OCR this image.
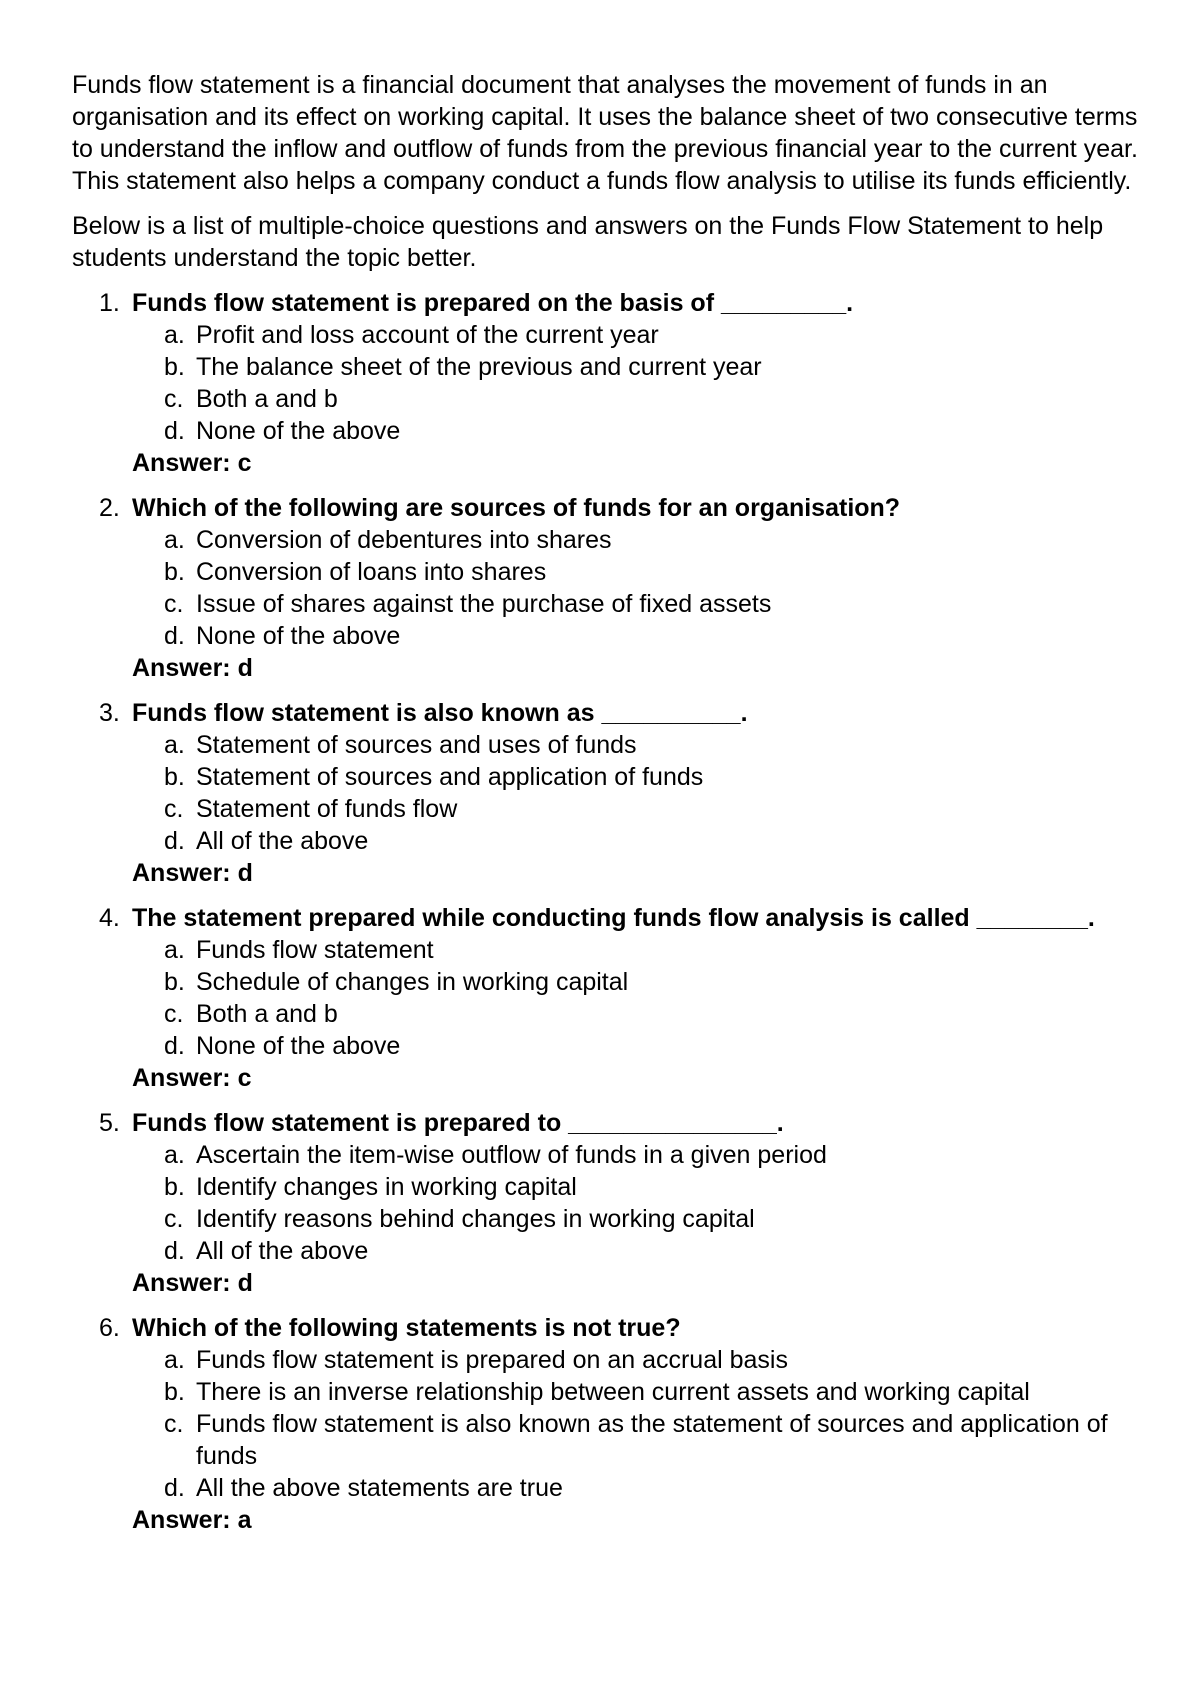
Funds flow statement is a financial document that analyses the movement of funds in an organisation and its effect on working capital. It uses the balance sheet of two consecutive terms to understand the inflow and outflow of funds from the previous financial year to the current year. This statement also helps a company conduct a funds flow analysis to utilise its funds efficiently.

Below is a list of multiple-choice questions and answers on the Funds Flow Statement to help students understand the topic better.

1. Funds flow statement is prepared on the basis of _________.
a. Profit and loss account of the current year
b. The balance sheet of the previous and current year
c. Both a and b
d. None of the above
Answer: c
2. Which of the following are sources of funds for an organisation?
a. Conversion of debentures into shares
b. Conversion of loans into shares
c. Issue of shares against the purchase of fixed assets
d. None of the above
Answer: d
3. Funds flow statement is also known as __________.
a. Statement of sources and uses of funds
b. Statement of sources and application of funds
c. Statement of funds flow
d. All of the above
Answer: d
4. The statement prepared while conducting funds flow analysis is called ________.
a. Funds flow statement
b. Schedule of changes in working capital
c. Both a and b
d. None of the above
Answer: c
5. Funds flow statement is prepared to _______________.
a. Ascertain the item-wise outflow of funds in a given period
b. Identify changes in working capital
c. Identify reasons behind changes in working capital
d. All of the above
Answer: d
6. Which of the following statements is not true?
a. Funds flow statement is prepared on an accrual basis
b. There is an inverse relationship between current assets and working capital
c. Funds flow statement is also known as the statement of sources and application of funds
d. All the above statements are true
Answer: a
